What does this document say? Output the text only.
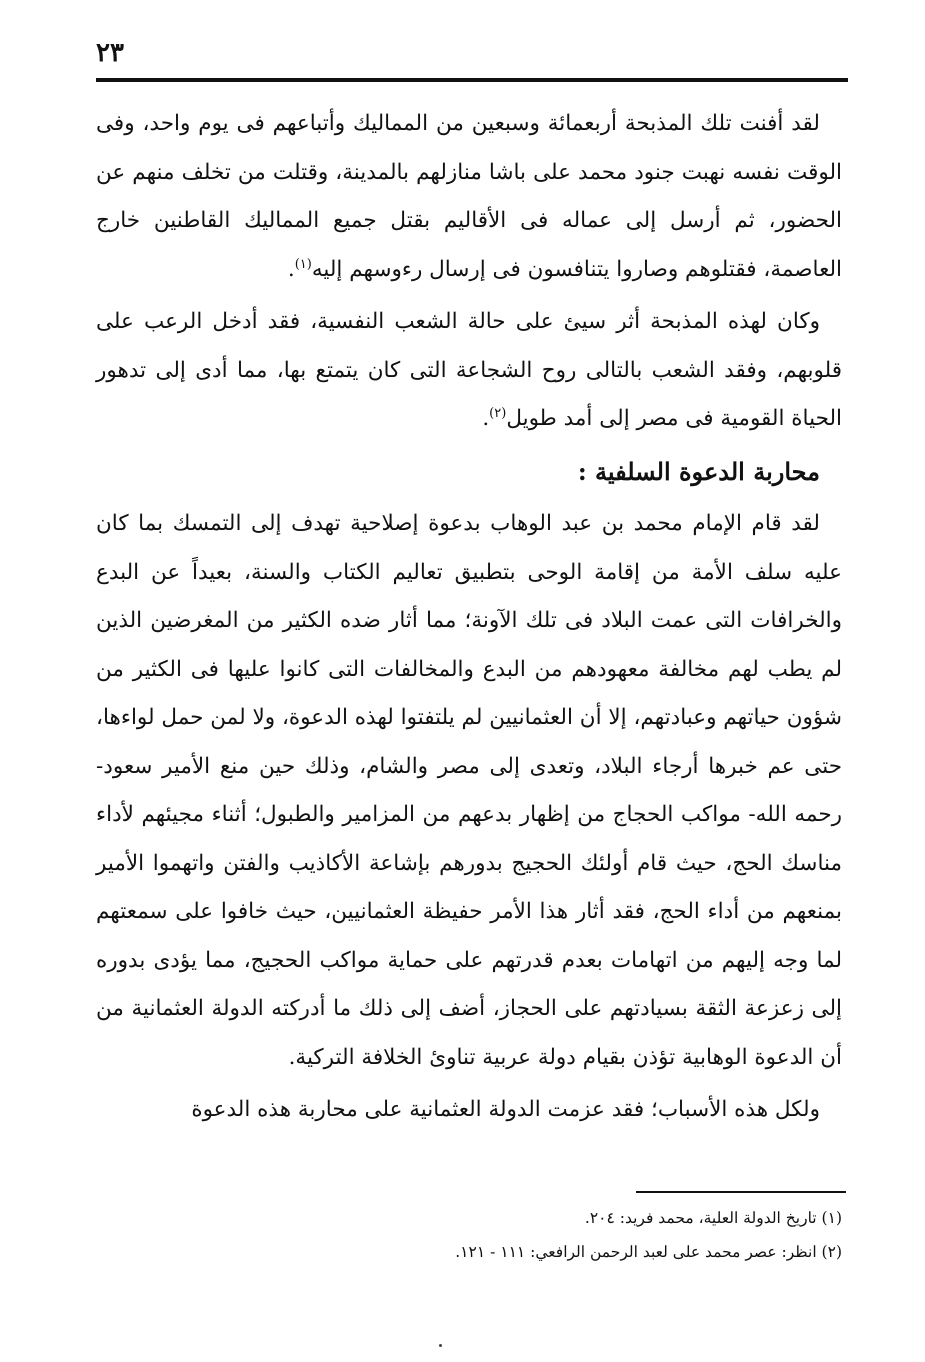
٢٣

لقد أفنت تلك المذبحة أربعمائة وسبعين من المماليك وأتباعهم فى يوم واحد، وفى الوقت نفسه نهبت جنود محمد على باشا منازلهم بالمدينة، وقتلت من تخلف منهم عن الحضور، ثم أرسل إلى عماله فى الأقاليم بقتل جميع المماليك القاطنين خارج العاصمة، فقتلوهم وصاروا يتنافسون فى إرسال رءوسهم إليه$^{(١)}$.

وكان لهذه المذبحة أثر سيئ على حالة الشعب النفسية، فقد أدخل الرعب على قلوبهم، وفقد الشعب بالتالى روح الشجاعة التى كان يتمتع بها، مما أدى إلى تدهور الحياة القومية فى مصر إلى أمد طويل$^{(٢)}$.

محاربة الدعوة السلفية :

لقد قام الإمام محمد بن عبد الوهاب بدعوة إصلاحية تهدف إلى التمسك بما كان عليه سلف الأمة من إقامة الوحى بتطبيق تعاليم الكتاب والسنة، بعيداً عن البدع والخرافات التى عمت البلاد فى تلك الآونة؛ مما أثار ضده الكثير من المغرضين الذين لم يطب لهم مخالفة معهودهم من البدع والمخالفات التى كانوا عليها فى الكثير من شؤون حياتهم وعبادتهم، إلا أن العثمانيين لم يلتفتوا لهذه الدعوة، ولا لمن حمل لواءها، حتى عم خبرها أرجاء البلاد، وتعدى إلى مصر والشام، وذلك حين منع الأمير سعود- رحمه الله- مواكب الحجاج من إظهار بدعهم من المزامير والطبول؛ أثناء مجيئهم لأداء مناسك الحج، حيث قام أولئك الحجيج بدورهم بإشاعة الأكاذيب والفتن واتهموا الأمير بمنعهم من أداء الحج، فقد أثار هذا الأمر حفيظة العثمانيين، حيث خافوا على سمعتهم لما وجه إليهم من اتهامات بعدم قدرتهم على حماية مواكب الحجيج، مما يؤدى بدوره إلى زعزعة الثقة بسيادتهم على الحجاز، أضف إلى ذلك ما أدركته الدولة العثمانية من أن الدعوة الوهابية تؤذن بقيام دولة عربية تناوئ الخلافة التركية.

ولكل هذه الأسباب؛ فقد عزمت الدولة العثمانية على محاربة هذه الدعوة

(١) تاريخ الدولة العلية، محمد فريد: ٢٠٤.
(٢) انظر: عصر محمد على لعبد الرحمن الرافعي: ١١١ - ١٢١.
